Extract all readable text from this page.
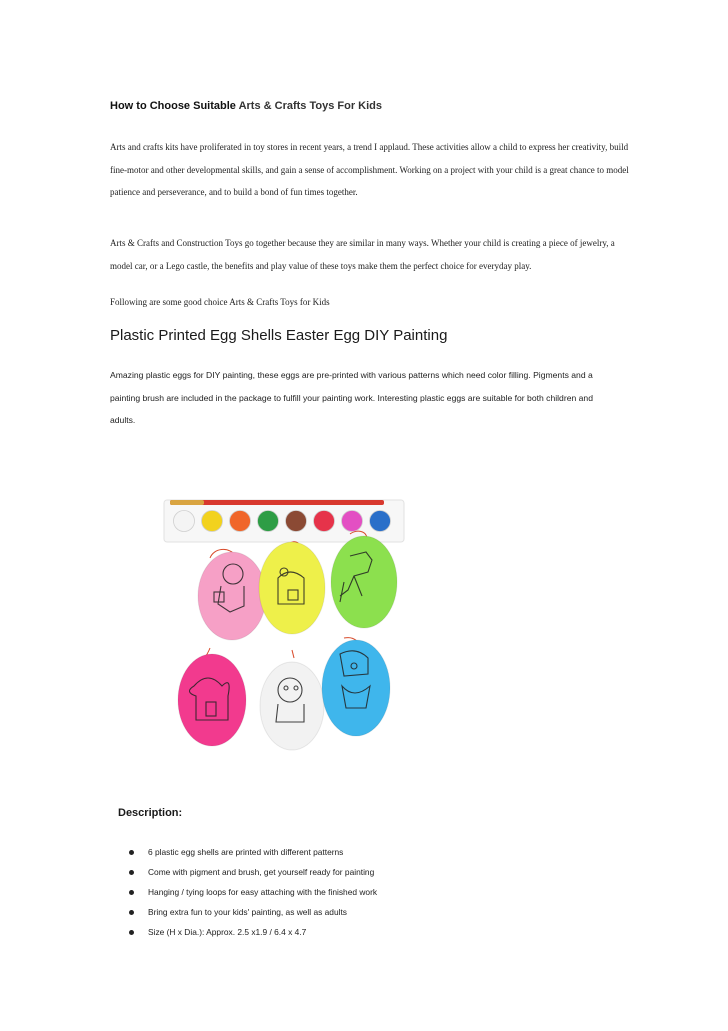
How to Choose Suitable Arts & Crafts Toys For Kids
Arts and crafts kits have proliferated in toy stores in recent years, a trend I applaud. These activities allow a child to express her creativity, build fine-motor and other developmental skills, and gain a sense of accomplishment. Working on a project with your child is a great chance to model patience and perseverance, and to build a bond of fun times together.
Arts & Crafts and Construction Toys go together because they are similar in many ways. Whether your child is creating a piece of jewelry, a model car, or a Lego castle, the benefits and play value of these toys make them the perfect choice for everyday play.
Following are some good choice Arts & Crafts Toys for Kids
Plastic Printed Egg Shells Easter Egg DIY Painting
Amazing plastic eggs for DIY painting, these eggs are pre-printed with various patterns which need color filling. Pigments and a painting brush are included in the package to fulfill your painting work. Interesting plastic eggs are suitable for both children and adults.
Description:
6 plastic egg shells are printed with different patterns
Come with pigment and brush, get yourself ready for painting
Hanging / tying loops for easy attaching with the finished work
Bring extra fun to your kids' painting, as well as adults
Size (H x Dia.): Approx. 2.5 x1.9 / 6.4 x 4.7
